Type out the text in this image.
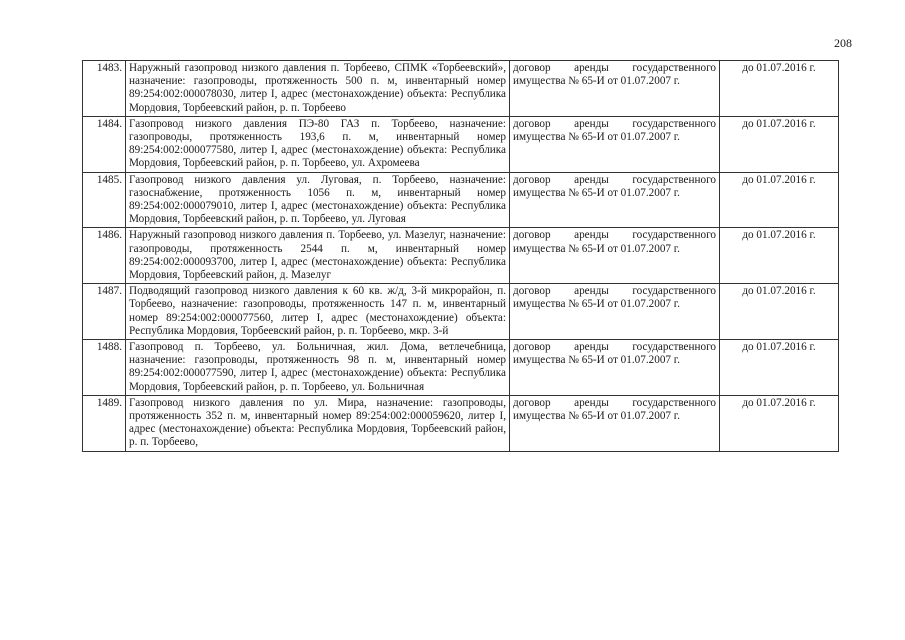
208
1483.	Наружный газопровод низкого давления п. Торбеево, СПМК «Торбеевский», назначение: газопроводы, протяженность 500 п. м, инвентарный номер 89:254:002:000078030, литер I, адрес (местонахождение) объекта: Республика Мордовия, Торбеевский район, р. п. Торбеево	договор аренды государственного имущества № 65-И от 01.07.2007 г.	до 01.07.2016 г.
1484.	Газопровод низкого давления ПЭ-80 ГАЗ п. Торбеево, назначение: газопроводы, протяженность 193,6 п. м, инвентарный номер 89:254:002:000077580, литер I, адрес (местонахождение) объекта: Республика Мордовия, Торбеевский район, р. п. Торбеево, ул. Ахромеева	договор аренды государственного имущества № 65-И от 01.07.2007 г.	до 01.07.2016 г.
1485.	Газопровод низкого давления ул. Луговая, п. Торбеево, назначение: газоснабжение, протяженность 1056 п. м, инвентарный номер 89:254:002:000079010, литер I, адрес (местонахождение) объекта: Республика Мордовия, Торбеевский район, р. п. Торбеево, ул. Луговая	договор аренды государственного имущества № 65-И от 01.07.2007 г.	до 01.07.2016 г.
1486.	Наружный газопровод низкого давления п. Торбеево, ул. Мазелуг, назначение: газопроводы, протяженность 2544 п. м, инвентарный номер 89:254:002:000093700, литер I, адрес (местонахождение) объекта: Республика Мордовия, Торбеевский район, д. Мазелуг	договор аренды государственного имущества № 65-И от 01.07.2007 г.	до 01.07.2016 г.
1487.	Подводящий газопровод низкого давления к 60 кв. ж/д, 3-й микрорайон, п. Торбеево, назначение: газопроводы, протяженность 147 п. м, инвентарный номер 89:254:002:000077560, литер I, адрес (местонахождение) объекта: Республика Мордовия, Торбеевский район, р. п. Торбеево, мкр. 3-й	договор аренды государственного имущества № 65-И от 01.07.2007 г.	до 01.07.2016 г.
1488.	Газопровод п. Торбеево, ул. Больничная, жил. Дома, ветлечебница, назначение: газопроводы, протяженность 98 п. м, инвентарный номер 89:254:002:000077590, литер I, адрес (местонахождение) объекта: Республика Мордовия, Торбеевский район, р. п. Торбеево, ул. Больничная	договор аренды государственного имущества № 65-И от 01.07.2007 г.	до 01.07.2016 г.
1489.	Газопровод низкого давления по ул. Мира, назначение: газопроводы, протяженность 352 п. м, инвентарный номер 89:254:002:000059620, литер I, адрес (местонахождение) объекта: Республика Мордовия, Торбеевский район, р. п. Торбеево,	договор аренды государственного имущества № 65-И от 01.07.2007 г.	до 01.07.2016 г.
